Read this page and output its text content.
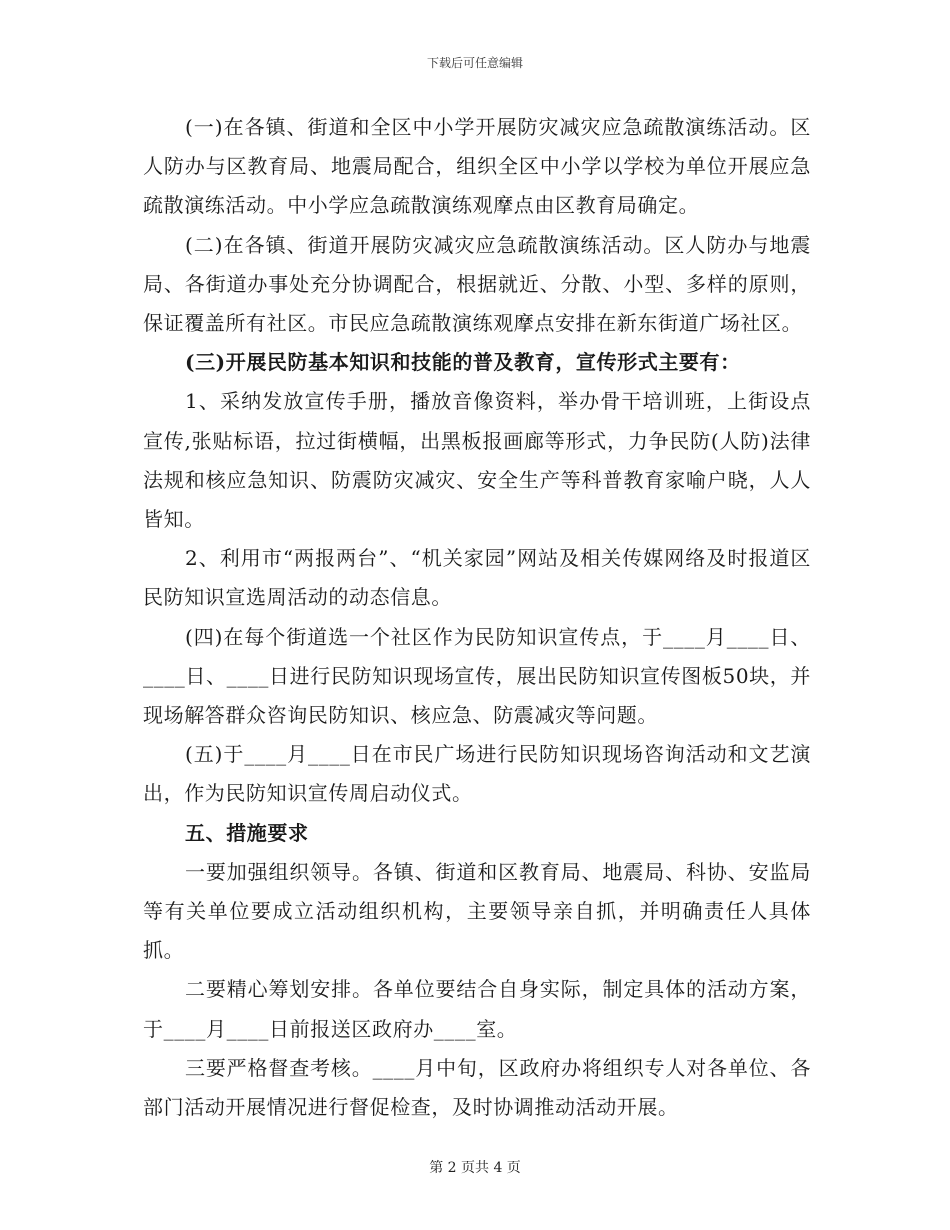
下载后可任意编辑

(一)在各镇、街道和全区中小学开展防灾减灾应急疏散演练活动。区人防办与区教育局、地震局配合，组织全区中小学以学校为单位开展应急疏散演练活动。中小学应急疏散演练观摩点由区教育局确定。

(二)在各镇、街道开展防灾减灾应急疏散演练活动。区人防办与地震局、各街道办事处充分协调配合，根据就近、分散、小型、多样的原则，保证覆盖所有社区。市民应急疏散演练观摩点安排在新东街道广场社区。

(三)开展民防基本知识和技能的普及教育，宣传形式主要有：

1、采纳发放宣传手册，播放音像资料，举办骨干培训班，上街设点宣传,张贴标语，拉过街横幅，出黑板报画廊等形式，力争民防(人防)法律法规和核应急知识、防震防灾减灾、安全生产等科普教育家喻户晓，人人皆知。

2、利用市“两报两台”、“机关家园”网站及相关传媒网络及时报道区民防知识宣选周活动的动态信息。

(四)在每个街道选一个社区作为民防知识宣传点，于____月____日、____日、____日进行民防知识现场宣传，展出民防知识宣传图板50块，并现场解答群众咨询民防知识、核应急、防震减灾等问题。

(五)于____月____日在市民广场进行民防知识现场咨询活动和文艺演出，作为民防知识宣传周启动仪式。

五、措施要求

一要加强组织领导。各镇、街道和区教育局、地震局、科协、安监局等有关单位要成立活动组织机构，主要领导亲自抓，并明确责任人具体抓。

二要精心筹划安排。各单位要结合自身实际，制定具体的活动方案，于____月____日前报送区政府办____室。

三要严格督查考核。____月中旬，区政府办将组织专人对各单位、各部门活动开展情况进行督促检查，及时协调推动活动开展。

第 2 页共 4 页
